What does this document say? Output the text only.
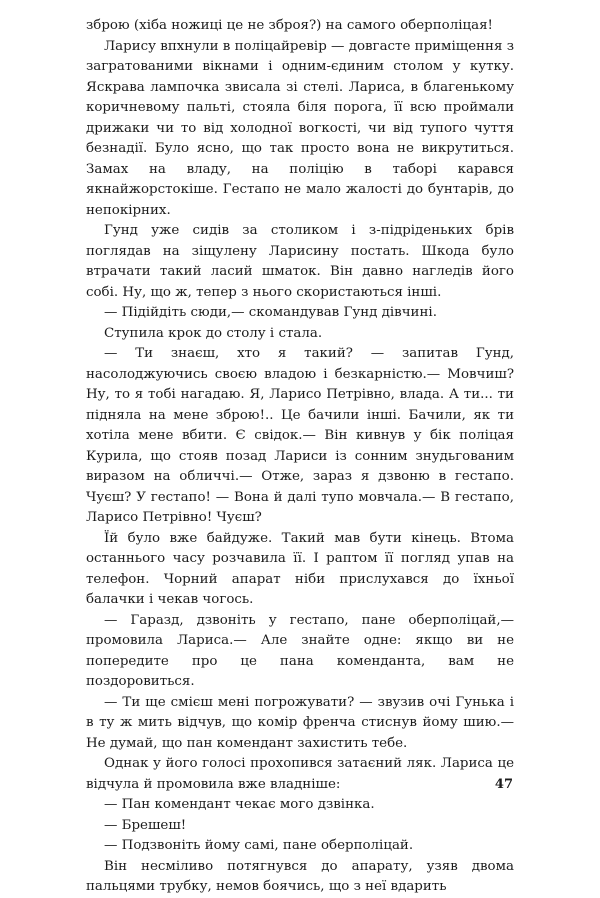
зброю (хіба ножиці це не зброя?) на самого оберполіцая!

Ларису впхнули в поліцайревір — довгасте приміщення з загратованими вікнами і одним-єдиним столом у кутку. Яскрава лампочка звисала зі стелі. Лариса, в благенькому коричневому пальті, стояла біля порога, її всю проймали дрижаки чи то від холодної вогкості, чи від тупого чуття безнадії. Було ясно, що так просто вона не викрутиться. Замах на владу, на поліцію в таборі карався якнайжорстокіше. Гестапо не мало жалості до бунтарів, до непокірних.

Гунд уже сидів за столиком і з-підріденьких брів поглядав на зіщулену Ларисину постать. Шкода було втрачати такий ласий шматок. Він давно нагледів його собі. Ну, що ж, тепер з нього скористаються інші.

— Підійдіть сюди,— скомандував Гунд дівчині.

Ступила крок до столу і стала.

— Ти знаєш, хто я такий? — запитав Гунд, насолоджуючись своєю владою і безкарністю.— Мовчиш? Ну, то я тобі нагадаю. Я, Ларисо Петрівно, влада. А ти... ти підняла на мене зброю!.. Це бачили інші. Бачили, як ти хотіла мене вбити. Є свідок.— Він кивнув у бік поліцая Курила, що стояв позад Лариси із сонним знудьгованим виразом на обличчі.— Отже, зараз я дзвоню в гестапо. Чуєш? У гестапо! — Вона й далі тупо мовчала.— В гестапо, Ларисо Петрівно! Чуєш?

Їй було вже байдуже. Такий мав бути кінець. Втома останнього часу розчавила її. І раптом її погляд упав на телефон. Чорний апарат ніби прислухався до їхньої балачки і чекав чогось.

— Гаразд, дзвоніть у гестапо, пане оберполіцай,— промовила Лариса.— Але знайте одне: якщо ви не попередите про це пана коменданта, вам не поздоровиться.

— Ти ще смієш мені погрожувати? — звузив очі Гунька і в ту ж мить відчув, що комір френча стиснув йому шию.— Не думай, що пан комендант захистить тебе.

Однак у його голосі прохопився затаєний ляк. Лариса це відчула й промовила вже владніше:

— Пан комендант чекає мого дзвінка.

— Брешеш!

— Подзвоніть йому самі, пане оберполіцай.

Він несміливо потягнувся до апарату, узяв двома пальцями трубку, немов боячись, що з неї вдарить

47
